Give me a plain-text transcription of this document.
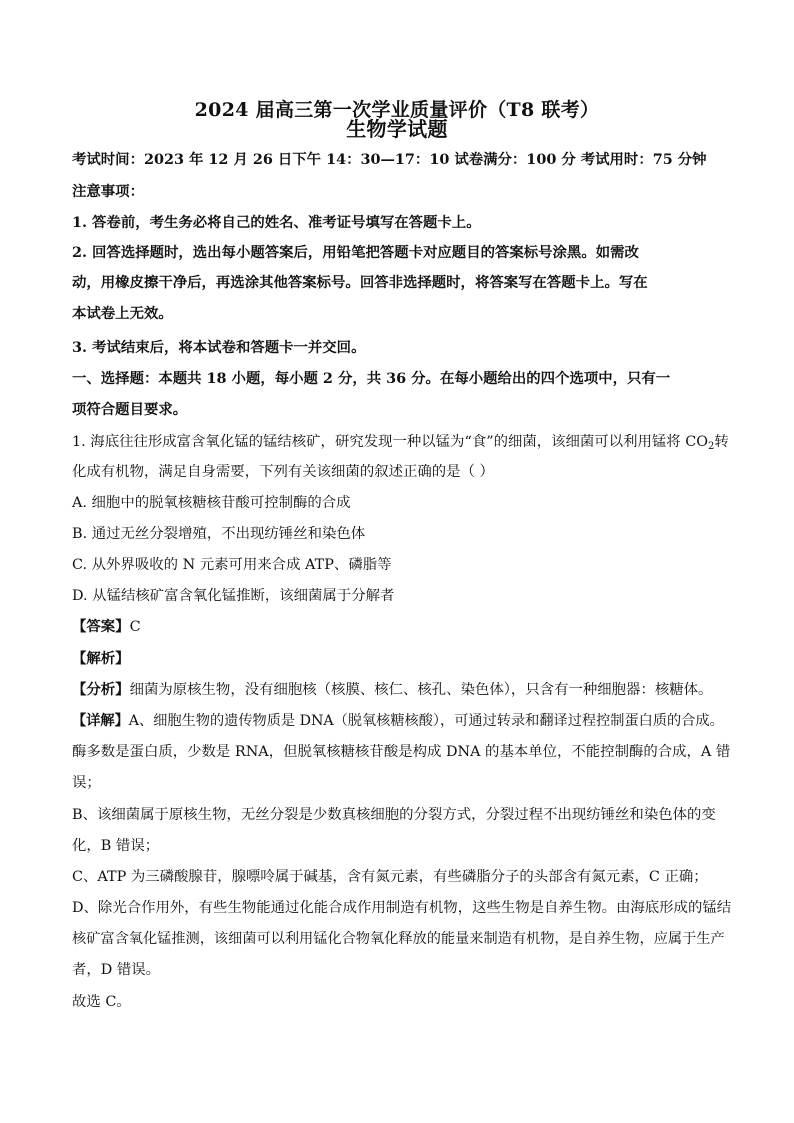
2024 届高三第一次学业质量评价（T8 联考）
生物学试题
考试时间：2023 年 12 月 26 日下午 14：30—17：10 试卷满分：100 分 考试用时：75 分钟
注意事项：
1. 答卷前，考生务必将自己的姓名、准考证号填写在答题卡上。
2. 回答选择题时，选出每小题答案后，用铅笔把答题卡对应题目的答案标号涂黑。如需改
动，用橡皮擦干净后，再选涂其他答案标号。回答非选择题时，将答案写在答题卡上。写在
本试卷上无效。
3. 考试结束后，将本试卷和答题卡一并交回。
一、选择题：本题共 18 小题，每小题 2 分，共 36 分。在每小题给出的四个选项中，只有一
项符合题目要求。
1. 海底往往形成富含氧化锰的锰结核矿，研究发现一种以锰为“食”的细菌，该细菌可以利用锰将 $CO_2$转
化成有机物，满足自身需要，下列有关该细菌的叙述正确的是（ ）
A. 细胞中的脱氧核糖核苷酸可控制酶的合成
B. 通过无丝分裂增殖，不出现纺锤丝和染色体
C. 从外界吸收的 N 元素可用来合成 ATP、磷脂等
D. 从锰结核矿富含氧化锰推断，该细菌属于分解者
【答案】C
【解析】
【分析】细菌为原核生物，没有细胞核（核膜、核仁、核孔、染色体），只含有一种细胞器：核糖体。
【详解】A、细胞生物的遗传物质是 DNA（脱氧核糖核酸），可通过转录和翻译过程控制蛋白质的合成。
酶多数是蛋白质，少数是 RNA，但脱氧核糖核苷酸是构成 DNA 的基本单位，不能控制酶的合成，A 错
误；
B、该细菌属于原核生物，无丝分裂是少数真核细胞的分裂方式，分裂过程不出现纺锤丝和染色体的变
化，B 错误；
C、ATP 为三磷酸腺苷，腺嘌呤属于碱基，含有氮元素，有些磷脂分子的头部含有氮元素，C 正确；
D、除光合作用外，有些生物能通过化能合成作用制造有机物，这些生物是自养生物。由海底形成的锰结
核矿富含氧化锰推测，该细菌可以利用锰化合物氧化释放的能量来制造有机物，是自养生物，应属于生产
者，D 错误。
故选 C。
